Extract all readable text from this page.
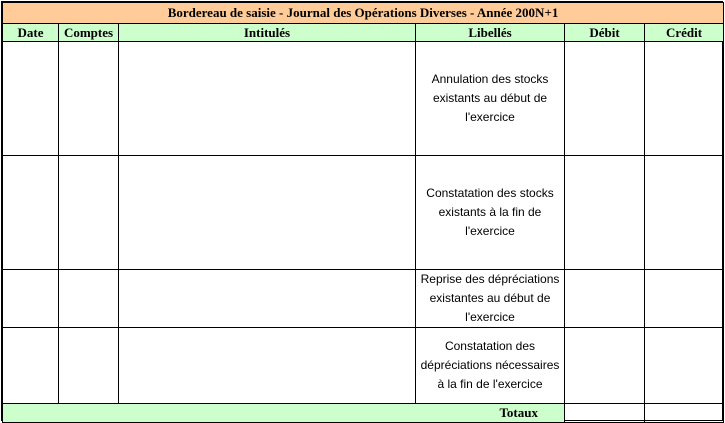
Bordereau de saisie - Journal des Opérations Diverses - Année 200N+1					
Date	Comptes	Intitulés	Libellés	Débit	Crédit
			Annulation des stocks existants au début de l'exercice		
			Constatation des stocks existants à la fin de l'exercice		
			Reprise des dépréciations existantes au début de l'exercice		
			Constatation des dépréciations nécessaires à la fin de l'exercice		
Totaux					
